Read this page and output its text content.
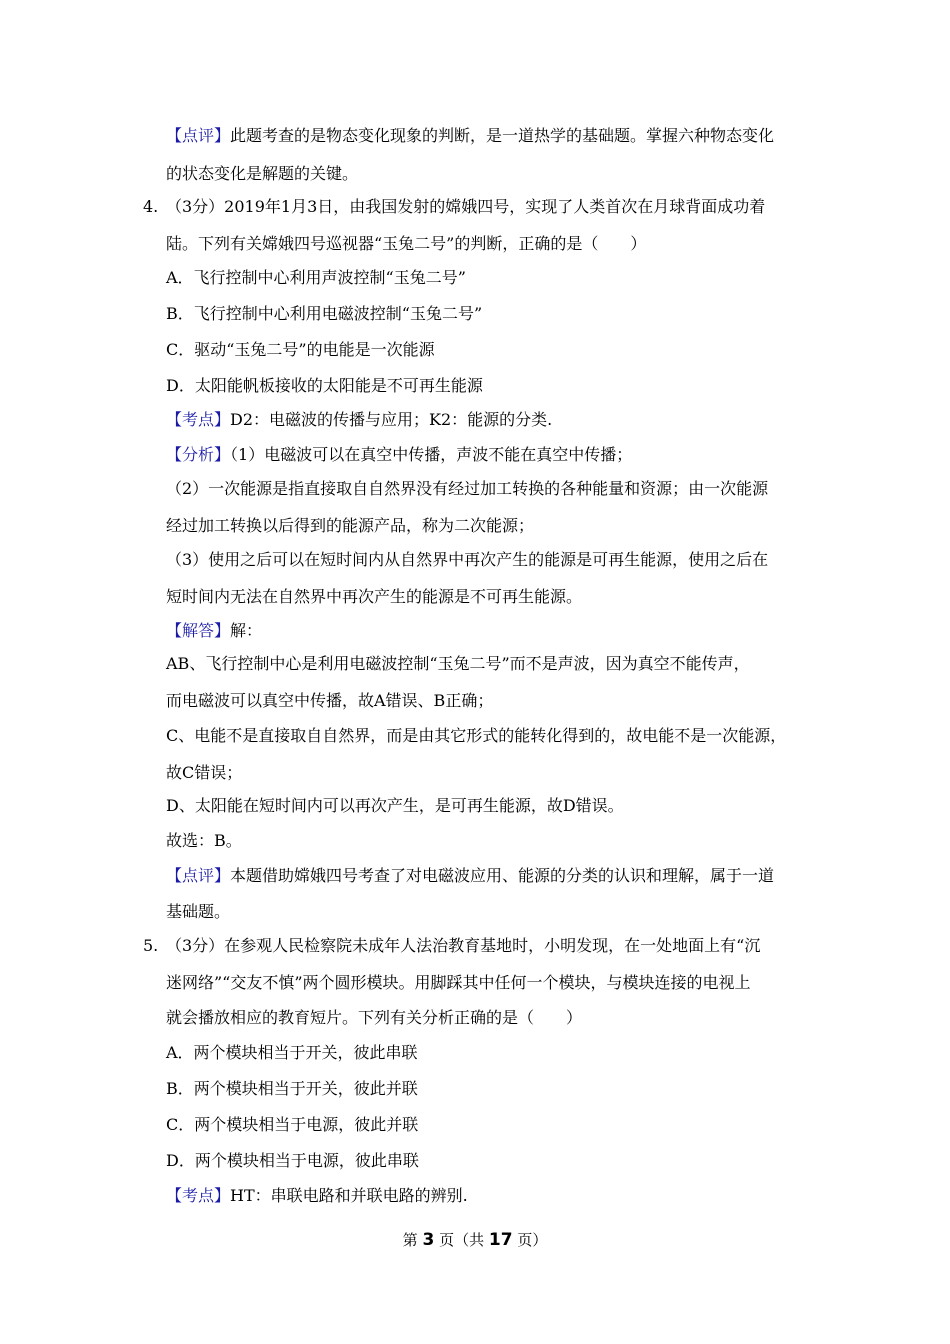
【点评】此题考查的是物态变化现象的判断，是一道热学的基础题。掌握六种物态变化
的状态变化是解题的关键。
4. （3分）2019年1月3日，由我国发射的嫦娥四号，实现了人类首次在月球背面成功着
陆。下列有关嫦娥四号巡视器“玉兔二号”的判断，正确的是（　　）
A．飞行控制中心利用声波控制“玉兔二号”
B．飞行控制中心利用电磁波控制“玉兔二号”
C．驱动“玉兔二号”的电能是一次能源
D．太阳能帆板接收的太阳能是不可再生能源
【考点】D2：电磁波的传播与应用；K2：能源的分类.
【分析】（1）电磁波可以在真空中传播，声波不能在真空中传播；
（2）一次能源是指直接取自自然界没有经过加工转换的各种能量和资源；由一次能源
经过加工转换以后得到的能源产品，称为二次能源；
（3）使用之后可以在短时间内从自然界中再次产生的能源是可再生能源，使用之后在
短时间内无法在自然界中再次产生的能源是不可再生能源。
【解答】解：
AB、飞行控制中心是利用电磁波控制“玉兔二号”而不是声波，因为真空不能传声，
而电磁波可以真空中传播，故A错误、B正确；
C、电能不是直接取自自然界，而是由其它形式的能转化得到的，故电能不是一次能源，
故C错误；
D、太阳能在短时间内可以再次产生，是可再生能源，故D错误。
故选：B。
【点评】本题借助嫦娥四号考查了对电磁波应用、能源的分类的认识和理解，属于一道
基础题。
5. （3分）在参观人民检察院未成年人法治教育基地时，小明发现，在一处地面上有“沉
迷网络”“交友不慎”两个圆形模块。用脚踩其中任何一个模块，与模块连接的电视上
就会播放相应的教育短片。下列有关分析正确的是（　　）
A．两个模块相当于开关，彼此串联
B．两个模块相当于开关，彼此并联
C．两个模块相当于电源，彼此并联
D．两个模块相当于电源，彼此串联
【考点】HT：串联电路和并联电路的辨别.
第 3 页（共 17 页）
